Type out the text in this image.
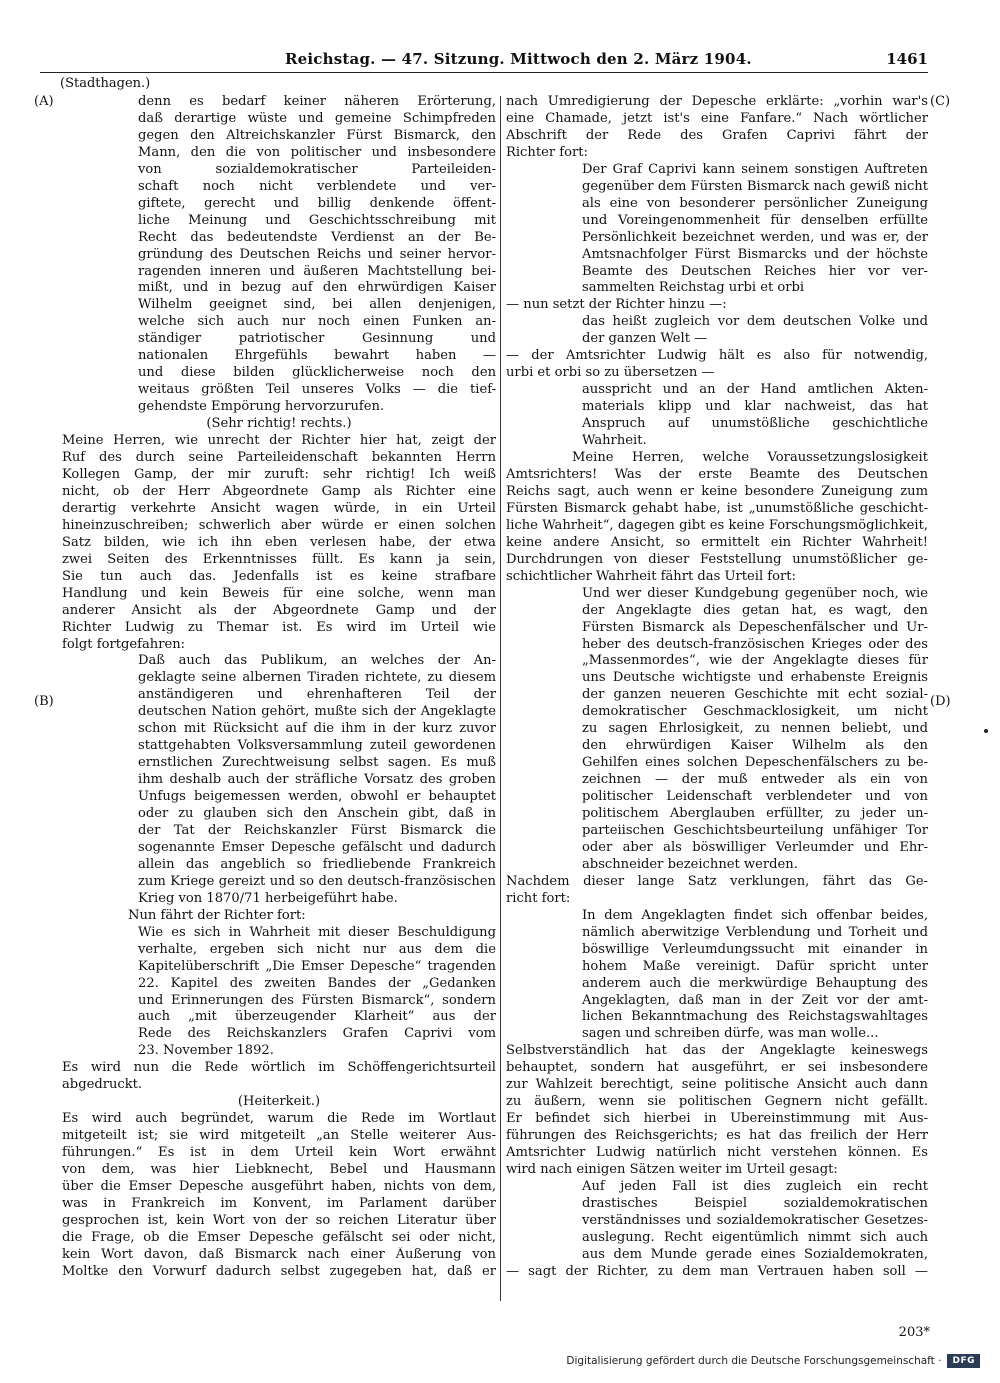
Reichstag. — 47. Sitzung. Mittwoch den 2. März 1904.	1461
(Stadthagen.)
(A)
(B)
(C)
(D)
denn es bedarf keiner näheren Erörterung,
daß derartige wüste und gemeine Schimpfreden
gegen den Altreichskanzler Fürst Bismarck, den
Mann, den die von politischer und insbesondere
von sozialdemokratischer Parteileiden-
schaft noch nicht verblendete und ver-
giftete, gerecht und billig denkende öffent-
liche Meinung und Geschichtsschreibung mit
Recht das bedeutendste Verdienst an der Be-
gründung des Deutschen Reichs und seiner hervor-
ragenden inneren und äußeren Machtstellung bei-
mißt, und in bezug auf den ehrwürdigen Kaiser
Wilhelm geeignet sind, bei allen denjenigen,
welche sich auch nur noch einen Funken an-
ständiger patriotischer Gesinnung und
nationalen Ehrgefühls bewahrt haben —
und diese bilden glücklicherweise noch den
weitaus größten Teil unseres Volks — die tief-
gehendste Empörung hervorzurufen.
(Sehr richtig! rechts.)
Meine Herren, wie unrecht der Richter hier hat, zeigt der
Ruf des durch seine Parteileidenschaft bekannten Herrn
Kollegen Gamp, der mir zuruft: sehr richtig! Ich weiß
nicht, ob der Herr Abgeordnete Gamp als Richter eine
derartig verkehrte Ansicht wagen würde, in ein Urteil
hineinzuschreiben; schwerlich aber würde er einen solchen
Satz bilden, wie ich ihn eben verlesen habe, der etwa
zwei Seiten des Erkenntnisses füllt. Es kann ja sein,
Sie tun auch das. Jedenfalls ist es keine strafbare
Handlung und kein Beweis für eine solche, wenn man
anderer Ansicht als der Abgeordnete Gamp und der
Richter Ludwig zu Themar ist. Es wird im Urteil wie
folgt fortgefahren:
Daß auch das Publikum, an welches der An-
geklagte seine albernen Tiraden richtete, zu diesem
anständigeren und ehrenhafteren Teil der
deutschen Nation gehört, mußte sich der Angeklagte
schon mit Rücksicht auf die ihm in der kurz zuvor
stattgehabten Volksversammlung zuteil gewordenen
ernstlichen Zurechtweisung selbst sagen. Es muß
ihm deshalb auch der sträfliche Vorsatz des groben
Unfugs beigemessen werden, obwohl er behauptet
oder zu glauben sich den Anschein gibt, daß in
der Tat der Reichskanzler Fürst Bismarck die
sogenannte Emser Depesche gefälscht und dadurch
allein das angeblich so friedliebende Frankreich
zum Kriege gereizt und so den deutsch-französischen
Krieg von 1870/71 herbeigeführt habe.
Nun fährt der Richter fort:
Wie es sich in Wahrheit mit dieser Beschuldigung
verhalte, ergeben sich nicht nur aus dem die
Kapitelüberschrift „Die Emser Depesche“ tragenden
22. Kapitel des zweiten Bandes der „Gedanken
und Erinnerungen des Fürsten Bismarck“, sondern
auch „mit überzeugender Klarheit“ aus der
Rede des Reichskanzlers Grafen Caprivi vom
23. November 1892.
Es wird nun die Rede wörtlich im Schöffengerichtsurteil
abgedruckt.
(Heiterkeit.)
Es wird auch begründet, warum die Rede im Wortlaut
mitgeteilt ist; sie wird mitgeteilt „an Stelle weiterer Aus-
führungen.“ Es ist in dem Urteil kein Wort erwähnt
von dem, was hier Liebknecht, Bebel und Hausmann
über die Emser Depesche ausgeführt haben, nichts von dem,
was in Frankreich im Konvent, im Parlament darüber
gesprochen ist, kein Wort von der so reichen Literatur über
die Frage, ob die Emser Depesche gefälscht sei oder nicht,
kein Wort davon, daß Bismarck nach einer Äußerung von
Moltke den Vorwurf dadurch selbst zugegeben hat, daß er
nach Umredigierung der Depesche erklärte: „vorhin war's
eine Chamade, jetzt ist's eine Fanfare.“ Nach wörtlicher
Abschrift der Rede des Grafen Caprivi fährt der
Richter fort:
Der Graf Caprivi kann seinem sonstigen Auftreten
gegenüber dem Fürsten Bismarck nach gewiß nicht
als eine von besonderer persönlicher Zuneigung
und Voreingenommenheit für denselben erfüllte
Persönlichkeit bezeichnet werden, und was er, der
Amtsnachfolger Fürst Bismarcks und der höchste
Beamte des Deutschen Reiches hier vor ver-
sammelten Reichstag urbi et orbi
— nun setzt der Richter hinzu —:
das heißt zugleich vor dem deutschen Volke und
der ganzen Welt —
— der Amtsrichter Ludwig hält es also für notwendig,
urbi et orbi so zu übersetzen —
ausspricht und an der Hand amtlichen Akten-
materials klipp und klar nachweist, das hat
Anspruch auf unumstößliche geschichtliche
Wahrheit.
Meine Herren, welche Voraussetzungslosigkeit
Amtsrichters! Was der erste Beamte des Deutschen
Reichs sagt, auch wenn er keine besondere Zuneigung zum
Fürsten Bismarck gehabt habe, ist „unumstößliche geschicht-
liche Wahrheit“, dagegen gibt es keine Forschungsmöglichkeit,
keine andere Ansicht, so ermittelt ein Richter Wahrheit!
Durchdrungen von dieser Feststellung unumstößlicher ge-
schichtlicher Wahrheit fährt das Urteil fort:
Und wer dieser Kundgebung gegenüber noch, wie
der Angeklagte dies getan hat, es wagt, den
Fürsten Bismarck als Depeschenfälscher und Ur-
heber des deutsch-französischen Krieges oder des
„Massenmordes“, wie der Angeklagte dieses für
uns Deutsche wichtigste und erhabenste Ereignis
der ganzen neueren Geschichte mit echt sozial-
demokratischer Geschmacklosigkeit, um nicht
zu sagen Ehrlosigkeit, zu nennen beliebt, und
den ehrwürdigen Kaiser Wilhelm als den
Gehilfen eines solchen Depeschenfälschers zu be-
zeichnen — der muß entweder als ein von
politischer Leidenschaft verblendeter und von
politischem Aberglauben erfüllter, zu jeder un-
parteiischen Geschichtsbeurteilung unfähiger Tor
oder aber als böswilliger Verleumder und Ehr-
abschneider bezeichnet werden.
Nachdem dieser lange Satz verklungen, fährt das Ge-
richt fort:
In dem Angeklagten findet sich offenbar beides,
nämlich aberwitzige Verblendung und Torheit und
böswillige Verleumdungssucht mit einander in
hohem Maße vereinigt. Dafür spricht unter
anderem auch die merkwürdige Behauptung des
Angeklagten, daß man in der Zeit vor der amt-
lichen Bekanntmachung des Reichstagswahltages
sagen und schreiben dürfe, was man wolle...
Selbstverständlich hat das der Angeklagte keineswegs
behauptet, sondern hat ausgeführt, er sei insbesondere
zur Wahlzeit berechtigt, seine politische Ansicht auch dann
zu äußern, wenn sie politischen Gegnern nicht gefällt.
Er befindet sich hierbei in Übereinstimmung mit Aus-
führungen des Reichsgerichts; es hat das freilich der Herr
Amtsrichter Ludwig natürlich nicht verstehen können. Es
wird nach einigen Sätzen weiter im Urteil gesagt:
Auf jeden Fall ist dies zugleich ein recht
drastisches Beispiel sozialdemokratischen
verständnisses und sozialdemokratischer Gesetzes-
auslegung. Recht eigentümlich nimmt sich auch
aus dem Munde gerade eines Sozialdemokraten,
— sagt der Richter, zu dem man Vertrauen haben soll —
203*
Digitalisierung gefördert durch die Deutsche Forschungsgemeinschaft ·	DFG
